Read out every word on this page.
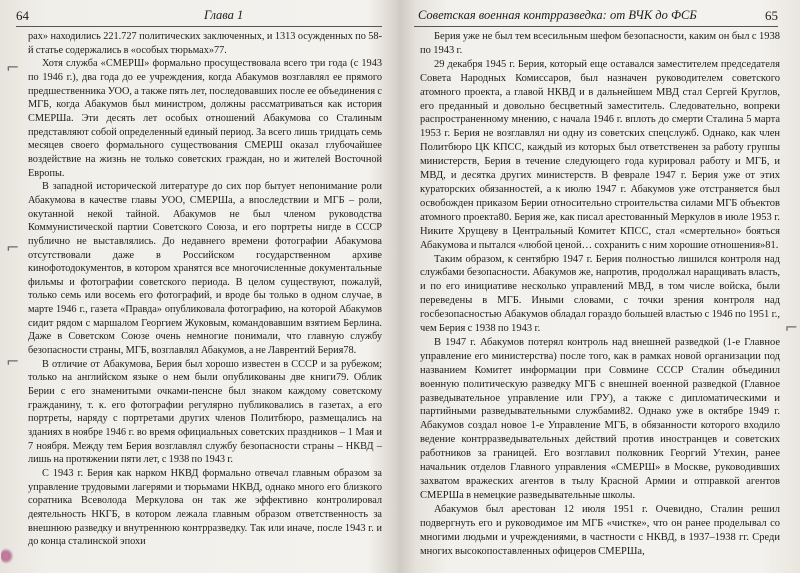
64	Глава 1

рах» находились 221.727 политических заключенных, и 1313 осужденных по 58-й статье содержались в «особых тюрьмах»77.

Хотя служба «СМЕРШ» формально просуществовала всего три года (с 1943 по 1946 г.), два года до ее учреждения, когда Абакумов возглавлял ее прямого предшественника УОО, а также пять лет, последовавших после ее объединения с МГБ, когда Абакумов был министром, должны рассматриваться как история СМЕРШа. Эти десять лет особых отношений Абакумова со Сталиным представляют собой определенный единый период. За всего лишь тридцать семь месяцев своего формального существования СМЕРШ оказал глубочайшее воздействие на жизнь не только советских граждан, но и жителей Восточной Европы.

В западной исторической литературе до сих пор бытует непонимание роли Абакумова в качестве главы УОО, СМЕРШа, а впоследствии и МГБ – роли, окутанной некой тайной. Абакумов не был членом руководства Коммунистической партии Советского Союза, и его портреты нигде в СССР публично не выставлялись. До недавнего времени фотографии Абакумова отсутствовали даже в Российском государственном архиве кинофотодокументов, в котором хранятся все многочисленные документальные фильмы и фотографии советского периода. В целом существуют, пожалуй, только семь или восемь его фотографий, и вроде бы только в одном случае, в марте 1946 г., газета «Правда» опубликовала фотографию, на которой Абакумов сидит рядом с маршалом Георгием Жуковым, командовавшим взятием Берлина. Даже в Советском Союзе очень немногие понимали, что главную службу безопасности страны, МГБ, возглавлял Абакумов, а не Лаврентий Берия78.

В отличие от Абакумова, Берия был хорошо известен в СССР и за рубежом; только на английском языке о нем были опубликованы две книги79. Облик Берии с его знаменитыми очками-пенсне был знаком каждому советскому гражданину, т. к. его фотографии регулярно публиковались в газетах, а его портреты, наряду с портретами других членов Политбюро, размещались на зданиях в ноябре 1946 г. во время официальных советских праздников – 1 Мая и 7 ноября. Между тем Берия возглавлял службу безопасности страны – НКВД – лишь на протяжении пяти лет, с 1938 по 1943 г.

С 1943 г. Берия как нарком НКВД формально отвечал главным образом за управление трудовыми лагерями и тюрьмами НКВД, однако много его близкого соратника Всеволода Меркулова он так же эффективно контролировал деятельность НКГБ, в котором лежала главным образом ответственность за внешнюю разведку и внутреннюю контрразведку. Так или иначе, после 1943 г. и до конца сталинской эпохи

⌐
⌐
⌐
Советская военная контрразведка: от ВЧК до ФСБ	65

Берия уже не был тем всесильным шефом безопасности, каким он был с 1938 по 1943 г.

29 декабря 1945 г. Берия, который еще оставался заместителем председателя Совета Народных Комиссаров, был назначен руководителем советского атомного проекта, а главой НКВД и в дальнейшем МВД стал Сергей Круглов, его преданный и довольно бесцветный заместитель. Следовательно, вопреки распространенному мнению, с начала 1946 г. вплоть до смерти Сталина 5 марта 1953 г. Берия не возглавлял ни одну из советских спецслужб. Однако, как член Политбюро ЦК КПСС, каждый из которых был ответственен за работу группы министерств, Берия в течение следующего года курировал работу и МГБ, и МВД, и десятка других министерств. В феврале 1947 г. Берия уже от этих кураторских обязанностей, а к июлю 1947 г. Абакумов уже отстраняется был освобожден приказом Берии относительно строительства силами МГБ объектов атомного проекта80. Берия же, как писал арестованный Меркулов в июле 1953 г. Никите Хрущеву в Центральный Комитет КПСС, стал «смертельно» бояться Абакумова и пытался «любой ценой… сохранить с ним хорошие отношения»81.

Таким образом, к сентябрю 1947 г. Берия полностью лишился контроля над службами безопасности. Абакумов же, напротив, продолжал наращивать власть, и по его инициативе несколько управлений МВД, в том числе войска, были переведены в МГБ. Иными словами, с точки зрения контроля над госбезопасностью Абакумов обладал гораздо большей властью с 1946 по 1951 г., чем Берия с 1938 по 1943 г.

В 1947 г. Абакумов потерял контроль над внешней разведкой (1-е Главное управление его министерства) после того, как в рамках новой организации под названием Комитет информации при Совмине СССР Сталин объединил военную политическую разведку МГБ с внешней военной разведкой (Главное разведывательное управление или ГРУ), а также с дипломатическими и партийными разведывательными службами82. Однако уже в октябре 1949 г. Абакумов создал новое 1-е Управление МГБ, в обязанности которого входило ведение контрразведывательных действий против иностранцев и советских работников за границей. Его возглавил полковник Георгий Утехин, ранее начальник отделов Главного управления «СМЕРШ» в Москве, руководивших захватом вражеских агентов в тылу Красной Армии и отправкой агентов СМЕРШа в немецкие разведывательные школы.

Абакумов был арестован 12 июля 1951 г. Очевидно, Сталин решил подвергнуть его и руководимое им МГБ «чистке», что он ранее проделывал со многими людьми и учреждениями, в частности с НКВД, в 1937–1938 гг. Среди многих высокопоставленных офицеров СМЕРШа,

⌐
